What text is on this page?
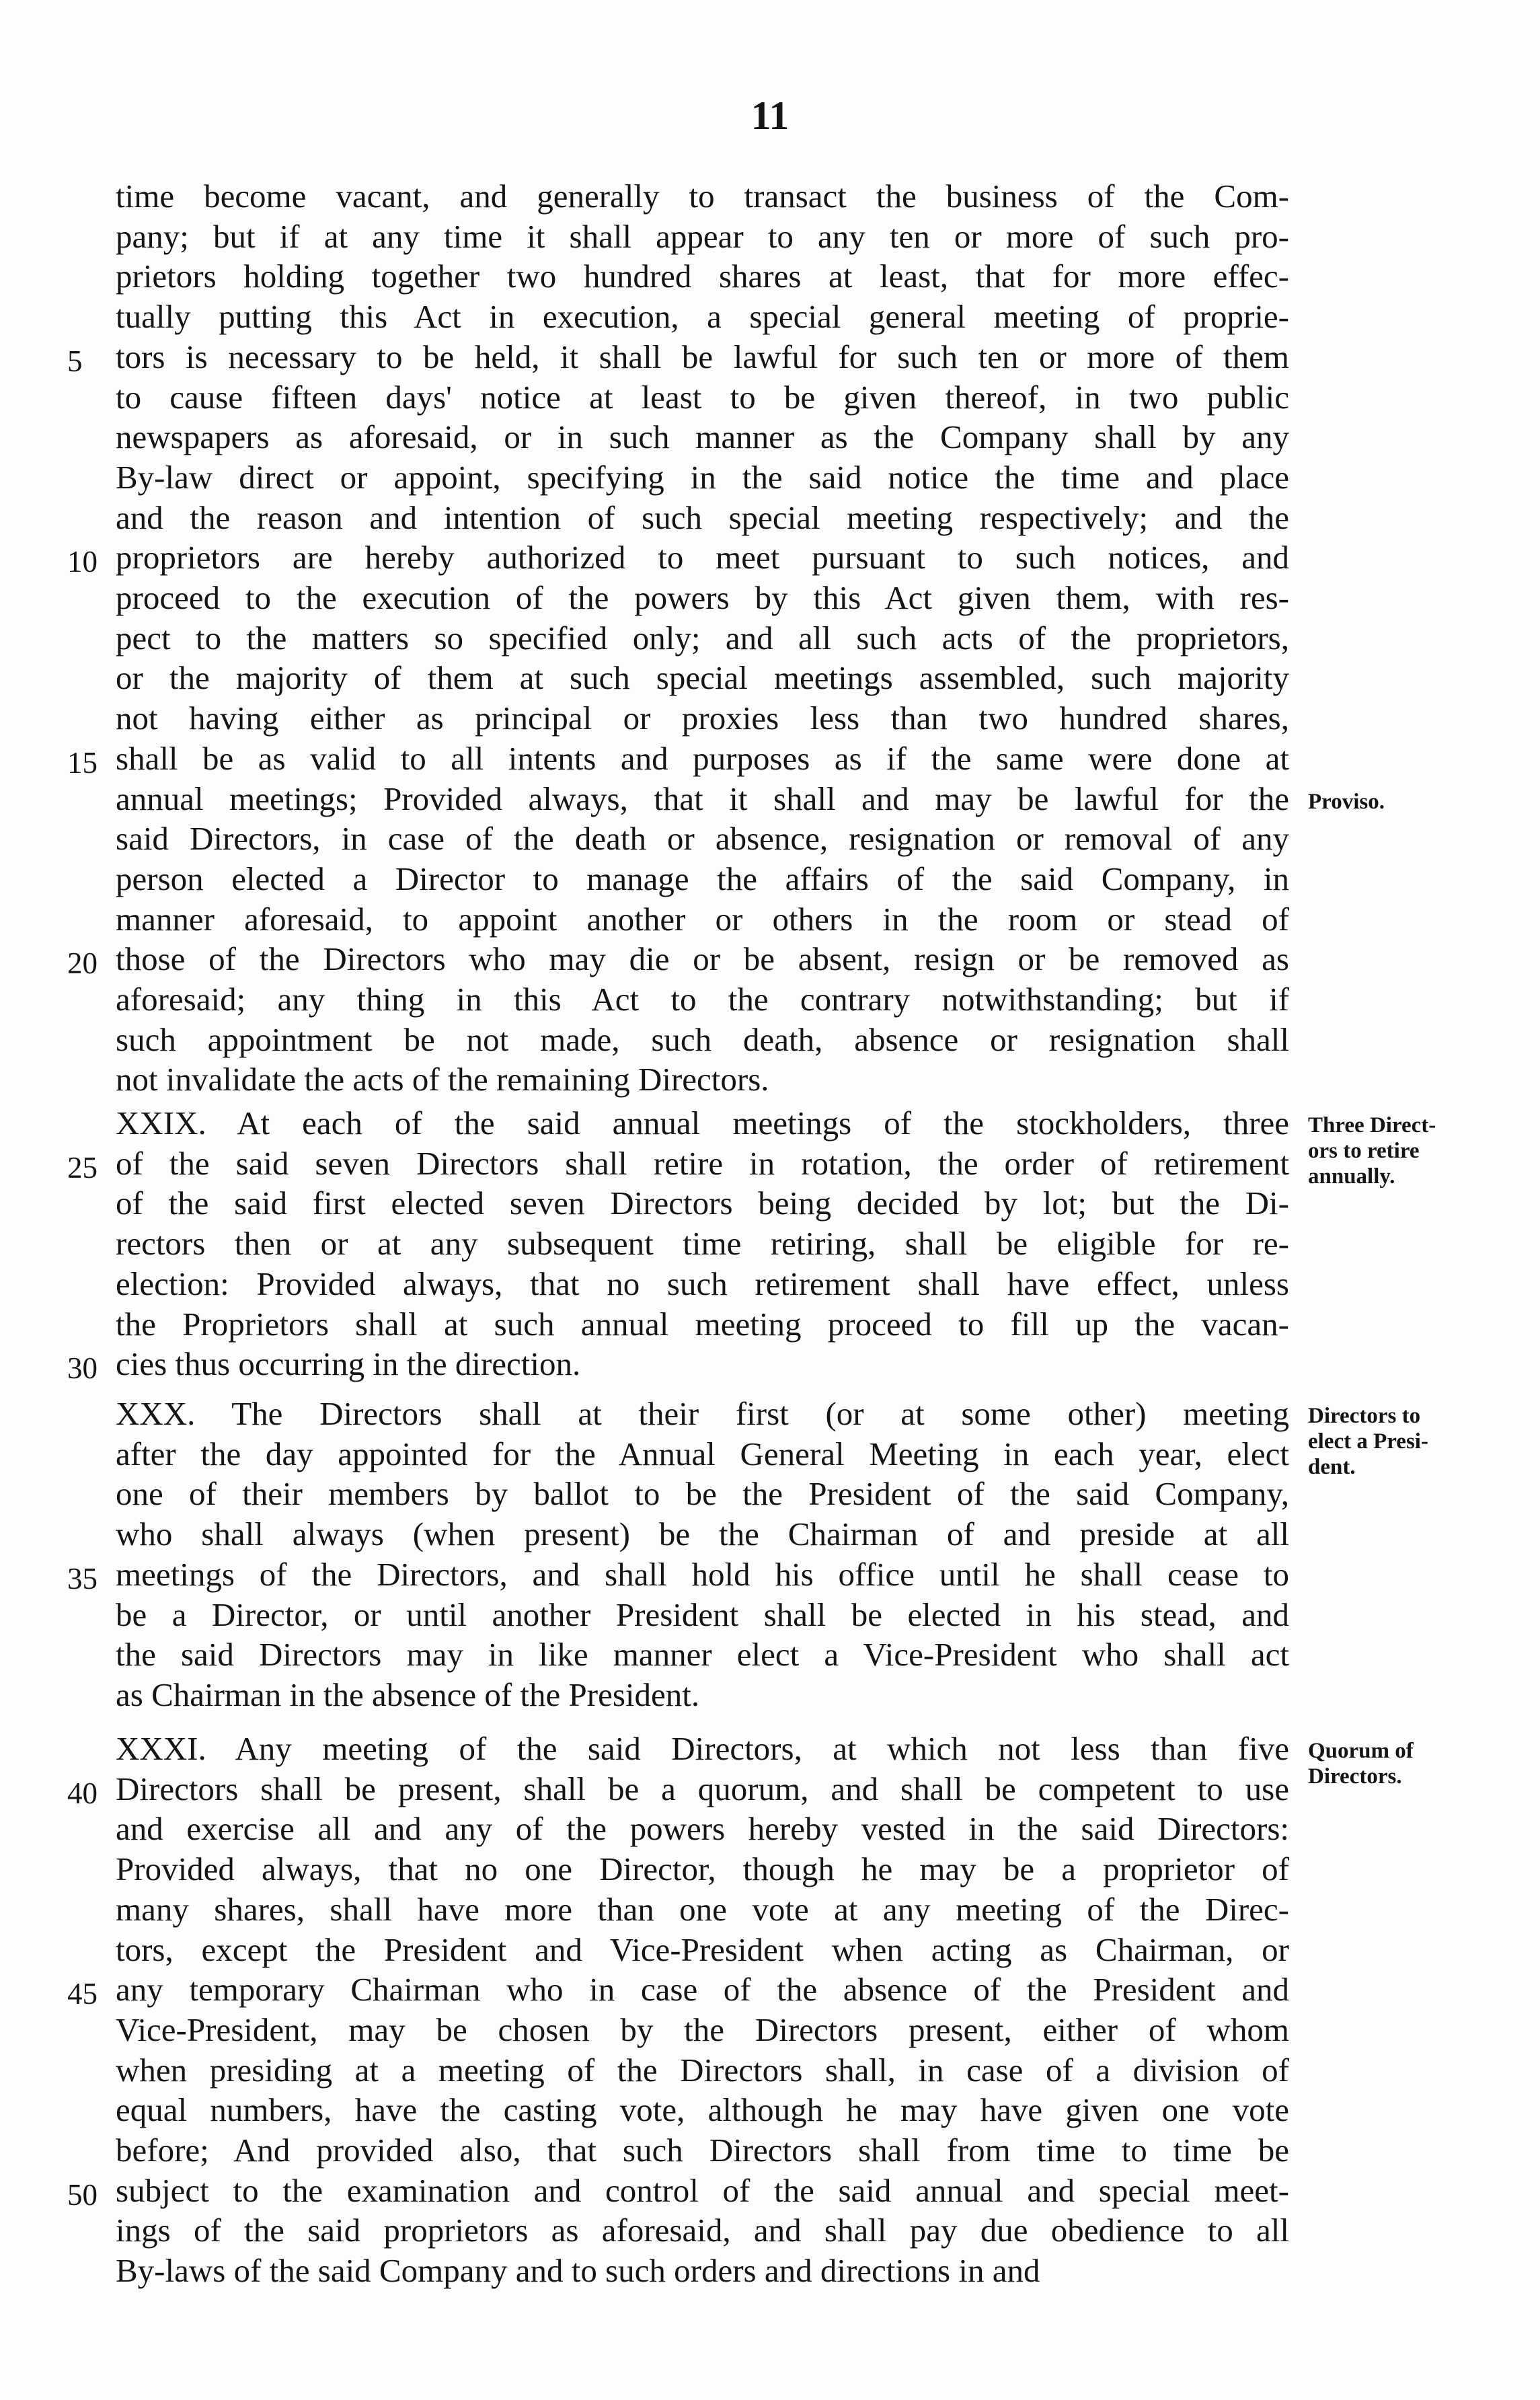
11
time become vacant, and generally to transact the business of the Com-
pany; but if at any time it shall appear to any ten or more of such pro-
prietors holding together two hundred shares at least, that for more effec-
tually putting this Act in execution, a special general meeting of proprie-
tors is necessary to be held, it shall be lawful for such ten or more of them
to cause fifteen days' notice at least to be given thereof, in two public
newspapers as aforesaid, or in such manner as the Company shall by any
By-law direct or appoint, specifying in the said notice the time and place
and the reason and intention of such special meeting respectively; and the
proprietors are hereby authorized to meet pursuant to such notices, and
proceed to the execution of the powers by this Act given them, with res-
pect to the matters so specified only; and all such acts of the proprietors,
or the majority of them at such special meetings assembled, such majority
not having either as principal or proxies less than two hundred shares,
shall be as valid to all intents and purposes as if the same were done at
annual meetings; Provided always, that it shall and may be lawful for the
said Directors, in case of the death or absence, resignation or removal of any
person elected a Director to manage the affairs of the said Company, in
manner aforesaid, to appoint another or others in the room or stead of
those of the Directors who may die or be absent, resign or be removed as
aforesaid; any thing in this Act to the contrary notwithstanding; but if
such appointment be not made, such death, absence or resignation shall
not invalidate the acts of the remaining Directors.
XXIX. At each of the said annual meetings of the stockholders, three
of the said seven Directors shall retire in rotation, the order of retirement
of the said first elected seven Directors being decided by lot; but the Di-
rectors then or at any subsequent time retiring, shall be eligible for re-
election: Provided always, that no such retirement shall have effect, unless
the Proprietors shall at such annual meeting proceed to fill up the vacan-
cies thus occurring in the direction.
XXX. The Directors shall at their first (or at some other) meeting
after the day appointed for the Annual General Meeting in each year, elect
one of their members by ballot to be the President of the said Company,
who shall always (when present) be the Chairman of and preside at all
meetings of the Directors, and shall hold his office until he shall cease to
be a Director, or until another President shall be elected in his stead, and
the said Directors may in like manner elect a Vice-President who shall act
as Chairman in the absence of the President.
XXXI. Any meeting of the said Directors, at which not less than five
Directors shall be present, shall be a quorum, and shall be competent to use
and exercise all and any of the powers hereby vested in the said Directors:
Provided always, that no one Director, though he may be a proprietor of
many shares, shall have more than one vote at any meeting of the Direc-
tors, except the President and Vice-President when acting as Chairman, or
any temporary Chairman who in case of the absence of the President and
Vice-President, may be chosen by the Directors present, either of whom
when presiding at a meeting of the Directors shall, in case of a division of
equal numbers, have the casting vote, although he may have given one vote
before; And provided also, that such Directors shall from time to time be
subject to the examination and control of the said annual and special meet-
ings of the said proprietors as aforesaid, and shall pay due obedience to all
By-laws of the said Company and to such orders and directions in and
5
10
15
20
25
30
35
40
45
50
Proviso.
Three Direct-
ors to retire
annually.
Directors to
elect a Presi-
dent.
Quorum of
Directors.
